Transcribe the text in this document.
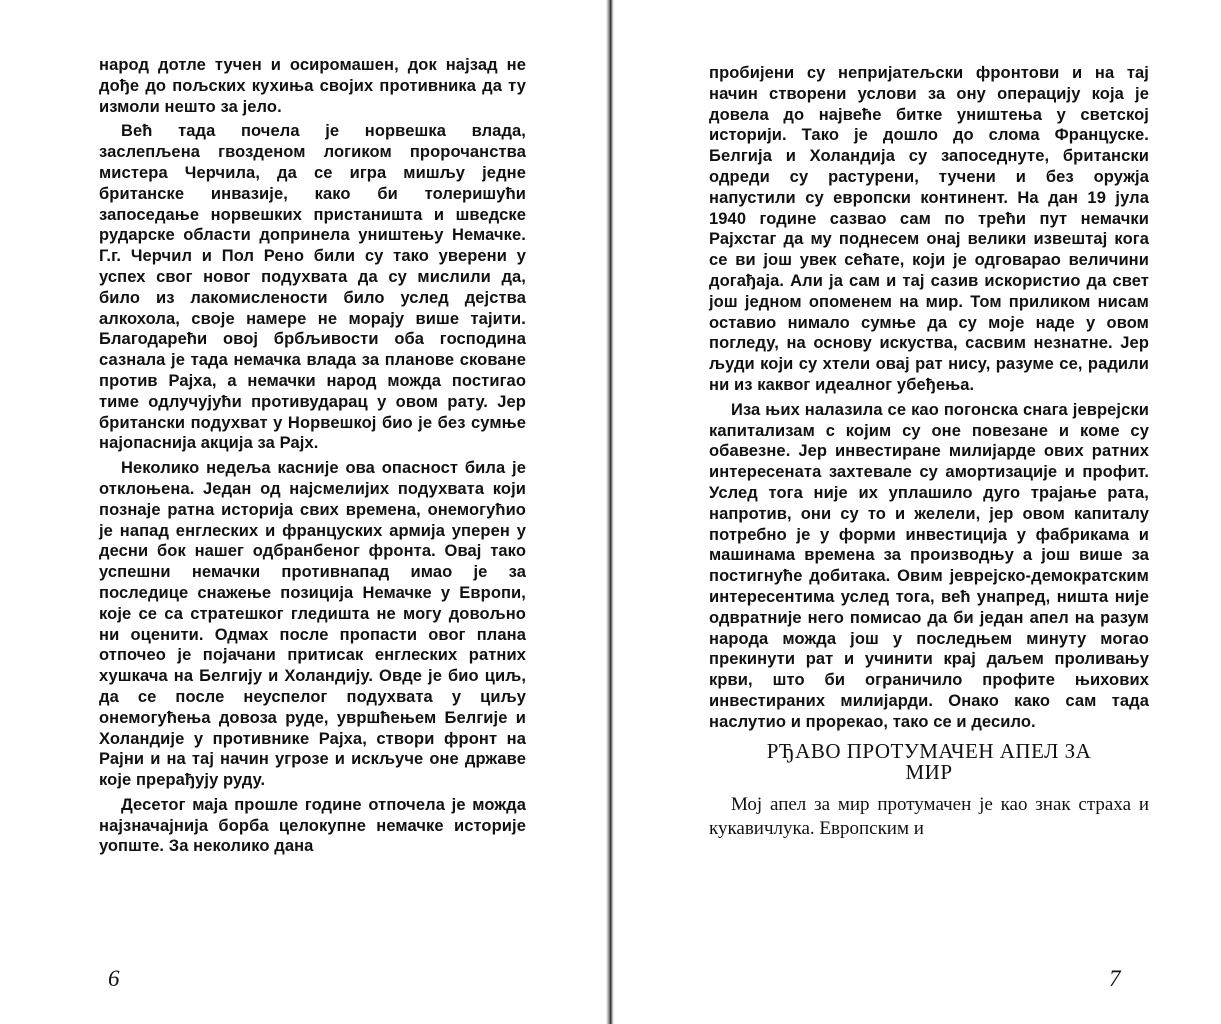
народ дотле тучен и осиромашен, док најзад не дође до пољских кухиња својих противника да ту измоли нешто за јело.

Већ тада почела је норвешка влада, заслепљена гвозденом логиком пророчанства мистера Черчила, да се игра мишљу једне британске инвазије, како би толеришући запоседање норвешких пристаништа и шведске рударске области допринела уништењу Немачке. Г.г. Черчил и Пол Рено били су тако уверени у успех свог новог подухвата да су мислили да, било из лакомислености било услед дејства алкохола, своје намере не морају више тајити. Благодарећи овој брбљивости оба господина сазнала је тада немачка влада за планове сковане против Рајха, а немачки народ можда постигао тиме одлучујући противударац у овом рату. Јер британски подухват у Норвешкој био је без сумње најопаснија акција за Рајх.

Неколико недеља касније ова опасност била је отклоњена. Један од најсмелијих подухвата који познаје ратна историја свих времена, онемогућио је напад енглеских и француских армија уперен у десни бок нашег одбранбеног фронта. Овај тако успешни немачки противнапад имао је за последице снажење позиција Немачке у Европи, које се са стратешког гледишта не могу довољно ни оценити. Одмах после пропасти овог плана отпочео је појачани притисак енглеских ратних хушкача на Белгију и Холандију. Овде је био циљ, да се после неуспелог подухвата у циљу онемогућења довоза руде, увршћењем Белгије и Холандије у противнике Рајха, створи фронт на Рајни и на тај начин угрозе и искључе оне државе које прерађују руду.

Десетог маја прошле године отпочела је можда најзначајнија борба целокупне немачке историје уопште. За неколико дана

6

пробијени су непријатељски фронтови и на тај начин створени услови за ону операцију која је довела до највеће битке уништења у светској историји. Тако је дошло до слома Француске. Белгија и Холандија су запоседнуте, британски одреди су растурени, тучени и без оружја напустили су европски континент. На дан 19 јула 1940 године сазвао сам по трећи пут немачки Рајхстаг да му поднесем онај велики извештај кога се ви још увек сећате, који је одговарао величини догађаја. Али ја сам и тај сазив искористио да свет још једном опоменем на мир. Том приликом нисам оставио нимало сумње да су моје наде у овом погледу, на основу искуства, сасвим незнатне. Јер људи који су хтели овај рат нису, разуме се, радили ни из каквог идеалног убеђења.

Иза њих налазила се као погонска снага јеврејски капитализам с којим су оне повезане и коме су обавезне. Јер инвестиране милијарде ових ратних интересената захтевале су амортизације и профит. Услед тога није их уплашило дуго трајање рата, напротив, они су то и желели, јер овом капиталу потребно је у форми инвестиција у фабрикама и машинама времена за производњу а још више за постигнуће добитака. Овим јеврејско-демократским интересентима услед тога, већ унапред, ништа није одвратније него помисао да би један апел на разум народа можда још у последњем минуту могао прекинути рат и учинити крај даљем проливању крви, што би ограничило профите њихових инвестираних милијарди. Онако како сам тада наслутио и прорекао, тако се и десило.

РЂАВО ПРОТУМАЧЕН АПЕЛ ЗА
МИР

Мој апел за мир протумачен је као знак страха и кукавичлука. Европским и

7
